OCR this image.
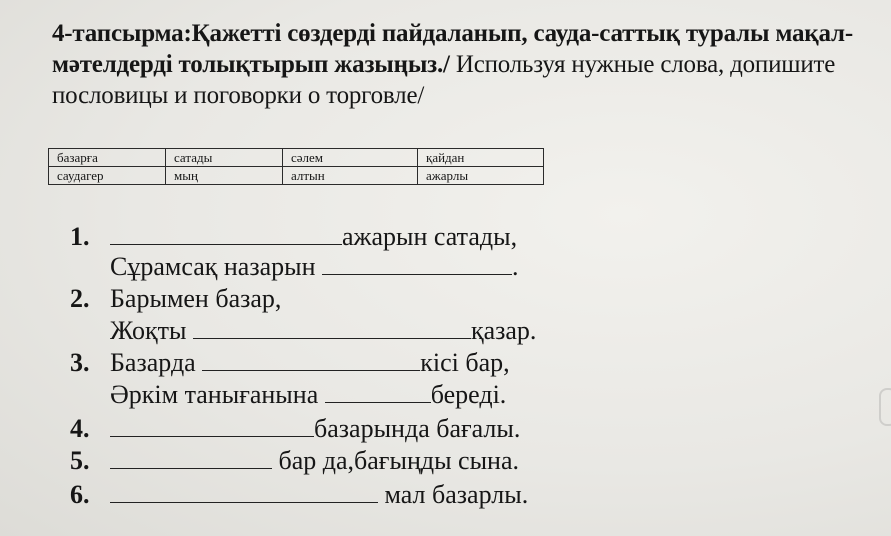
4-тапсырма:Қажетті сөздерді пайдаланып, сауда-саттық туралы мақал-мәтелдерді толықтырып жазыңыз./ Используя нужные слова, допишите пословицы и поговорки о торговле/
базарға	сатады	сәлем	қайдан
саудагер	мың	алтын	ажарлы
1.	ажарын сатады,
Сұрамсақ назарын	.
2. Барымен базар,
Жоқты	қазар.
3. Базарда	кісі бар,
Әркім танығанына	береді.
4.	базарында бағалы.
5.	бар да,бағыңды сына.
6.	мал базарлы.
